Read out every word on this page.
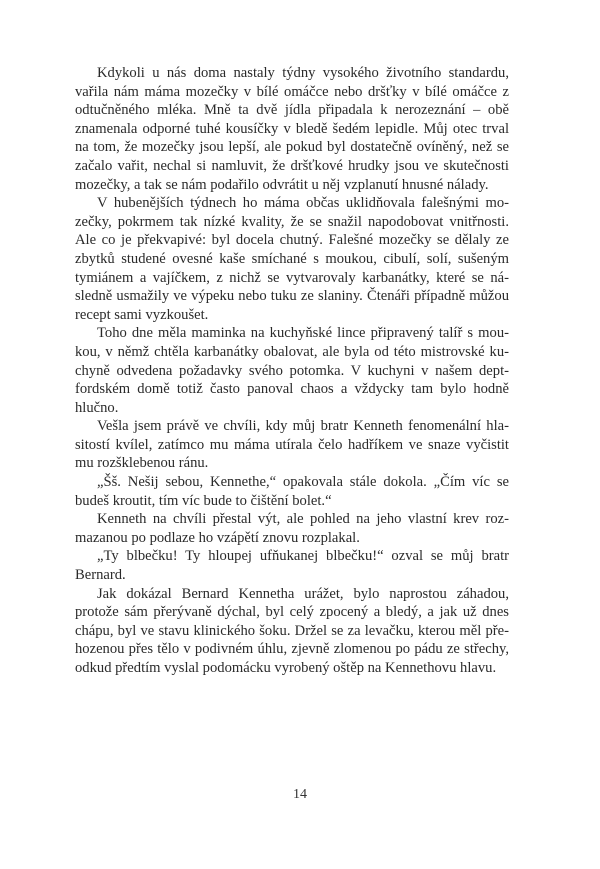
Kdykoli u nás doma nastaly týdny vysokého životního standardu, vařila nám máma mozečky v bílé omáčce nebo dršťky v bílé omáčce z odtučněného mléka. Mně ta dvě jídla připadala k nerozeznání – obě znamenala odporné tuhé kousíčky v bledě šedém lepidle. Můj otec trval na tom, že mozečky jsou lepší, ale pokud byl dostatečně ovíněný, než se začalo vařit, nechal si namluvit, že dršťkové hrudky jsou ve skutečnosti mozečky, a tak se nám podařilo odvrátit u něj vzplanutí hnusné nálady.

V hubenějších týdnech ho máma občas uklidňovala falešnými mozečky, pokrmem tak nízké kvality, že se snažil napodobovat vnitřnosti. Ale co je překvapivé: byl docela chutný. Falešné mozečky se dělaly ze zbytků studené ovesné kaše smíchané s moukou, cibulí, solí, sušeným tymiánem a vajíčkem, z nichž se vytvarovaly karbanátky, které se následně usmažily ve výpeku nebo tuku ze slaniny. Čtenáři případně můžou recept sami vyzkoušet.

Toho dne měla maminka na kuchyňské lince připravený talíř s moukou, v němž chtěla karbanátky obalovat, ale byla od této mistrovské kuchyně odvedena požadavky svého potomka. V kuchyni v našem deptfordském domě totiž často panoval chaos a vždycky tam bylo hodně hlučno.

Vešla jsem právě ve chvíli, kdy můj bratr Kenneth fenomenální hlasitostí kvílel, zatímco mu máma utírala čelo hadříkem ve snaze vyčistit mu rozšklebenou ránu.

„Šš. Nešij sebou, Kennethe,“ opakovala stále dokola. „Čím víc se budeš kroutit, tím víc bude to čištění bolet.“

Kenneth na chvíli přestal výt, ale pohled na jeho vlastní krev rozmazanou po podlaze ho vzápětí znovu rozplakal.

„Ty blbečku! Ty hloupej ufňukanej blbečku!“ ozval se můj bratr Bernard.

Jak dokázal Bernard Kennetha urážet, bylo naprostou záhadou, protože sám přerývaně dýchal, byl celý zpocený a bledý, a jak už dnes chápu, byl ve stavu klinického šoku. Držel se za levačku, kterou měl přehozenou přes tělo v podivném úhlu, zjevně zlomenou po pádu ze střechy, odkud předtím vyslal podomácku vyrobený oštěp na Kennethovu hlavu.

14
